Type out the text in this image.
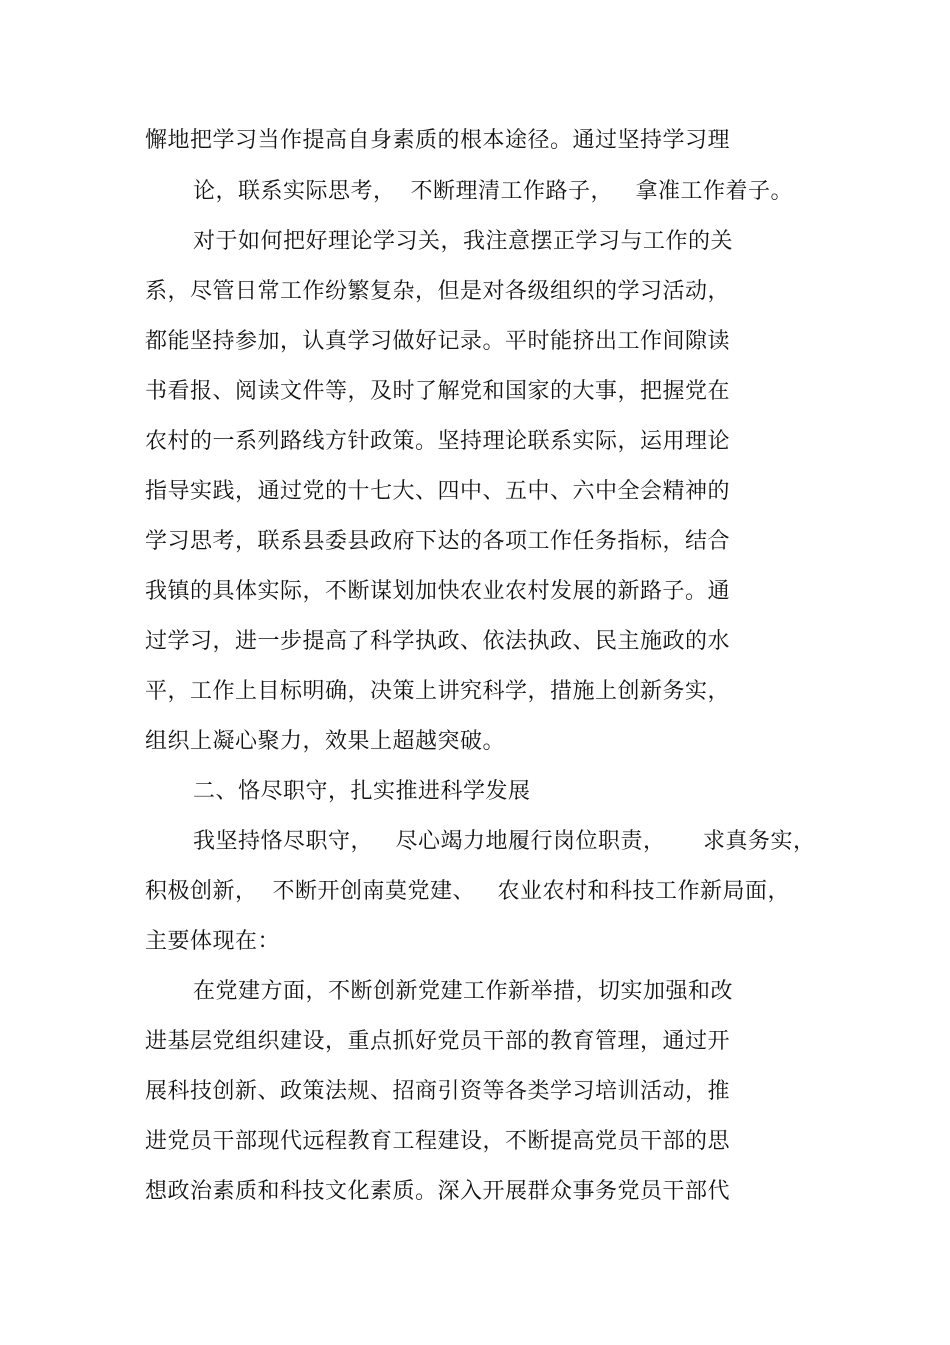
懈地把学习当作提高自身素质的根本途径。通过坚持学习理
论，联系实际思考，  不断理清工作路子，   拿准工作着子。
对于如何把好理论学习关，我注意摆正学习与工作的关
系，尽管日常工作纷繁复杂，但是对各级组织的学习活动，
都能坚持参加，认真学习做好记录。平时能挤出工作间隙读
书看报、阅读文件等，及时了解党和国家的大事，把握党在
农村的一系列路线方针政策。坚持理论联系实际，运用理论
指导实践，通过党的十七大、四中、五中、六中全会精神的
学习思考，联系县委县政府下达的各项工作任务指标，结合
我镇的具体实际，不断谋划加快农业农村发展的新路子。通
过学习，进一步提高了科学执政、依法执政、民主施政的水
平，工作上目标明确，决策上讲究科学，措施上创新务实，
组织上凝心聚力，效果上超越突破。
二、恪尽职守，扎实推进科学发展
我坚持恪尽职守，   尽心竭力地履行岗位职责，     求真务实，
积极创新，  不断开创南莫党建、   农业农村和科技工作新局面，
主要体现在：
在党建方面，不断创新党建工作新举措，切实加强和改
进基层党组织建设，重点抓好党员干部的教育管理，通过开
展科技创新、政策法规、招商引资等各类学习培训活动，推
进党员干部现代远程教育工程建设，不断提高党员干部的思
想政治素质和科技文化素质。深入开展群众事务党员干部代
